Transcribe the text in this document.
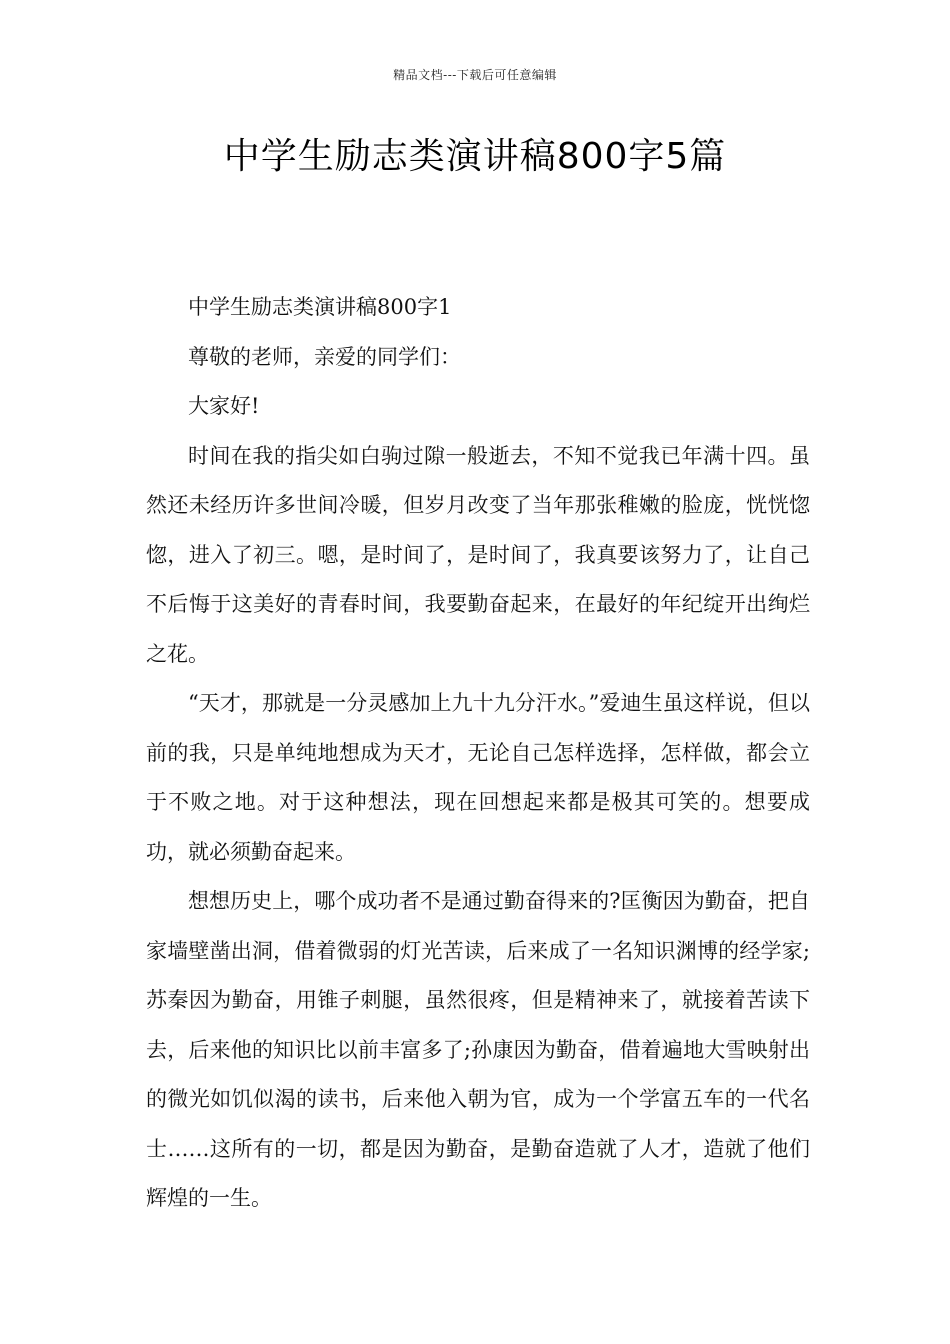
精品文档---下载后可任意编辑
中学生励志类演讲稿800字5篇

中学生励志类演讲稿800字1

尊敬的老师，亲爱的同学们：

大家好!

时间在我的指尖如白驹过隙一般逝去，不知不觉我已年满十四。虽然还未经历许多世间冷暖，但岁月改变了当年那张稚嫩的脸庞，恍恍惚惚，进入了初三。嗯，是时间了，是时间了，我真要该努力了，让自己不后悔于这美好的青春时间，我要勤奋起来，在最好的年纪绽开出绚烂之花。

“天才，那就是一分灵感加上九十九分汗水。”爱迪生虽这样说，但以前的我，只是单纯地想成为天才，无论自己怎样选择，怎样做，都会立于不败之地。对于这种想法，现在回想起来都是极其可笑的。想要成功，就必须勤奋起来。

想想历史上，哪个成功者不是通过勤奋得来的?匡衡因为勤奋，把自家墙壁凿出洞，借着微弱的灯光苦读，后来成了一名知识渊博的经学家;苏秦因为勤奋，用锥子刺腿，虽然很疼，但是精神来了，就接着苦读下去，后来他的知识比以前丰富多了;孙康因为勤奋，借着遍地大雪映射出的微光如饥似渴的读书，后来他入朝为官，成为一个学富五车的一代名士……这所有的一切，都是因为勤奋，是勤奋造就了人才，造就了他们辉煌的一生。
